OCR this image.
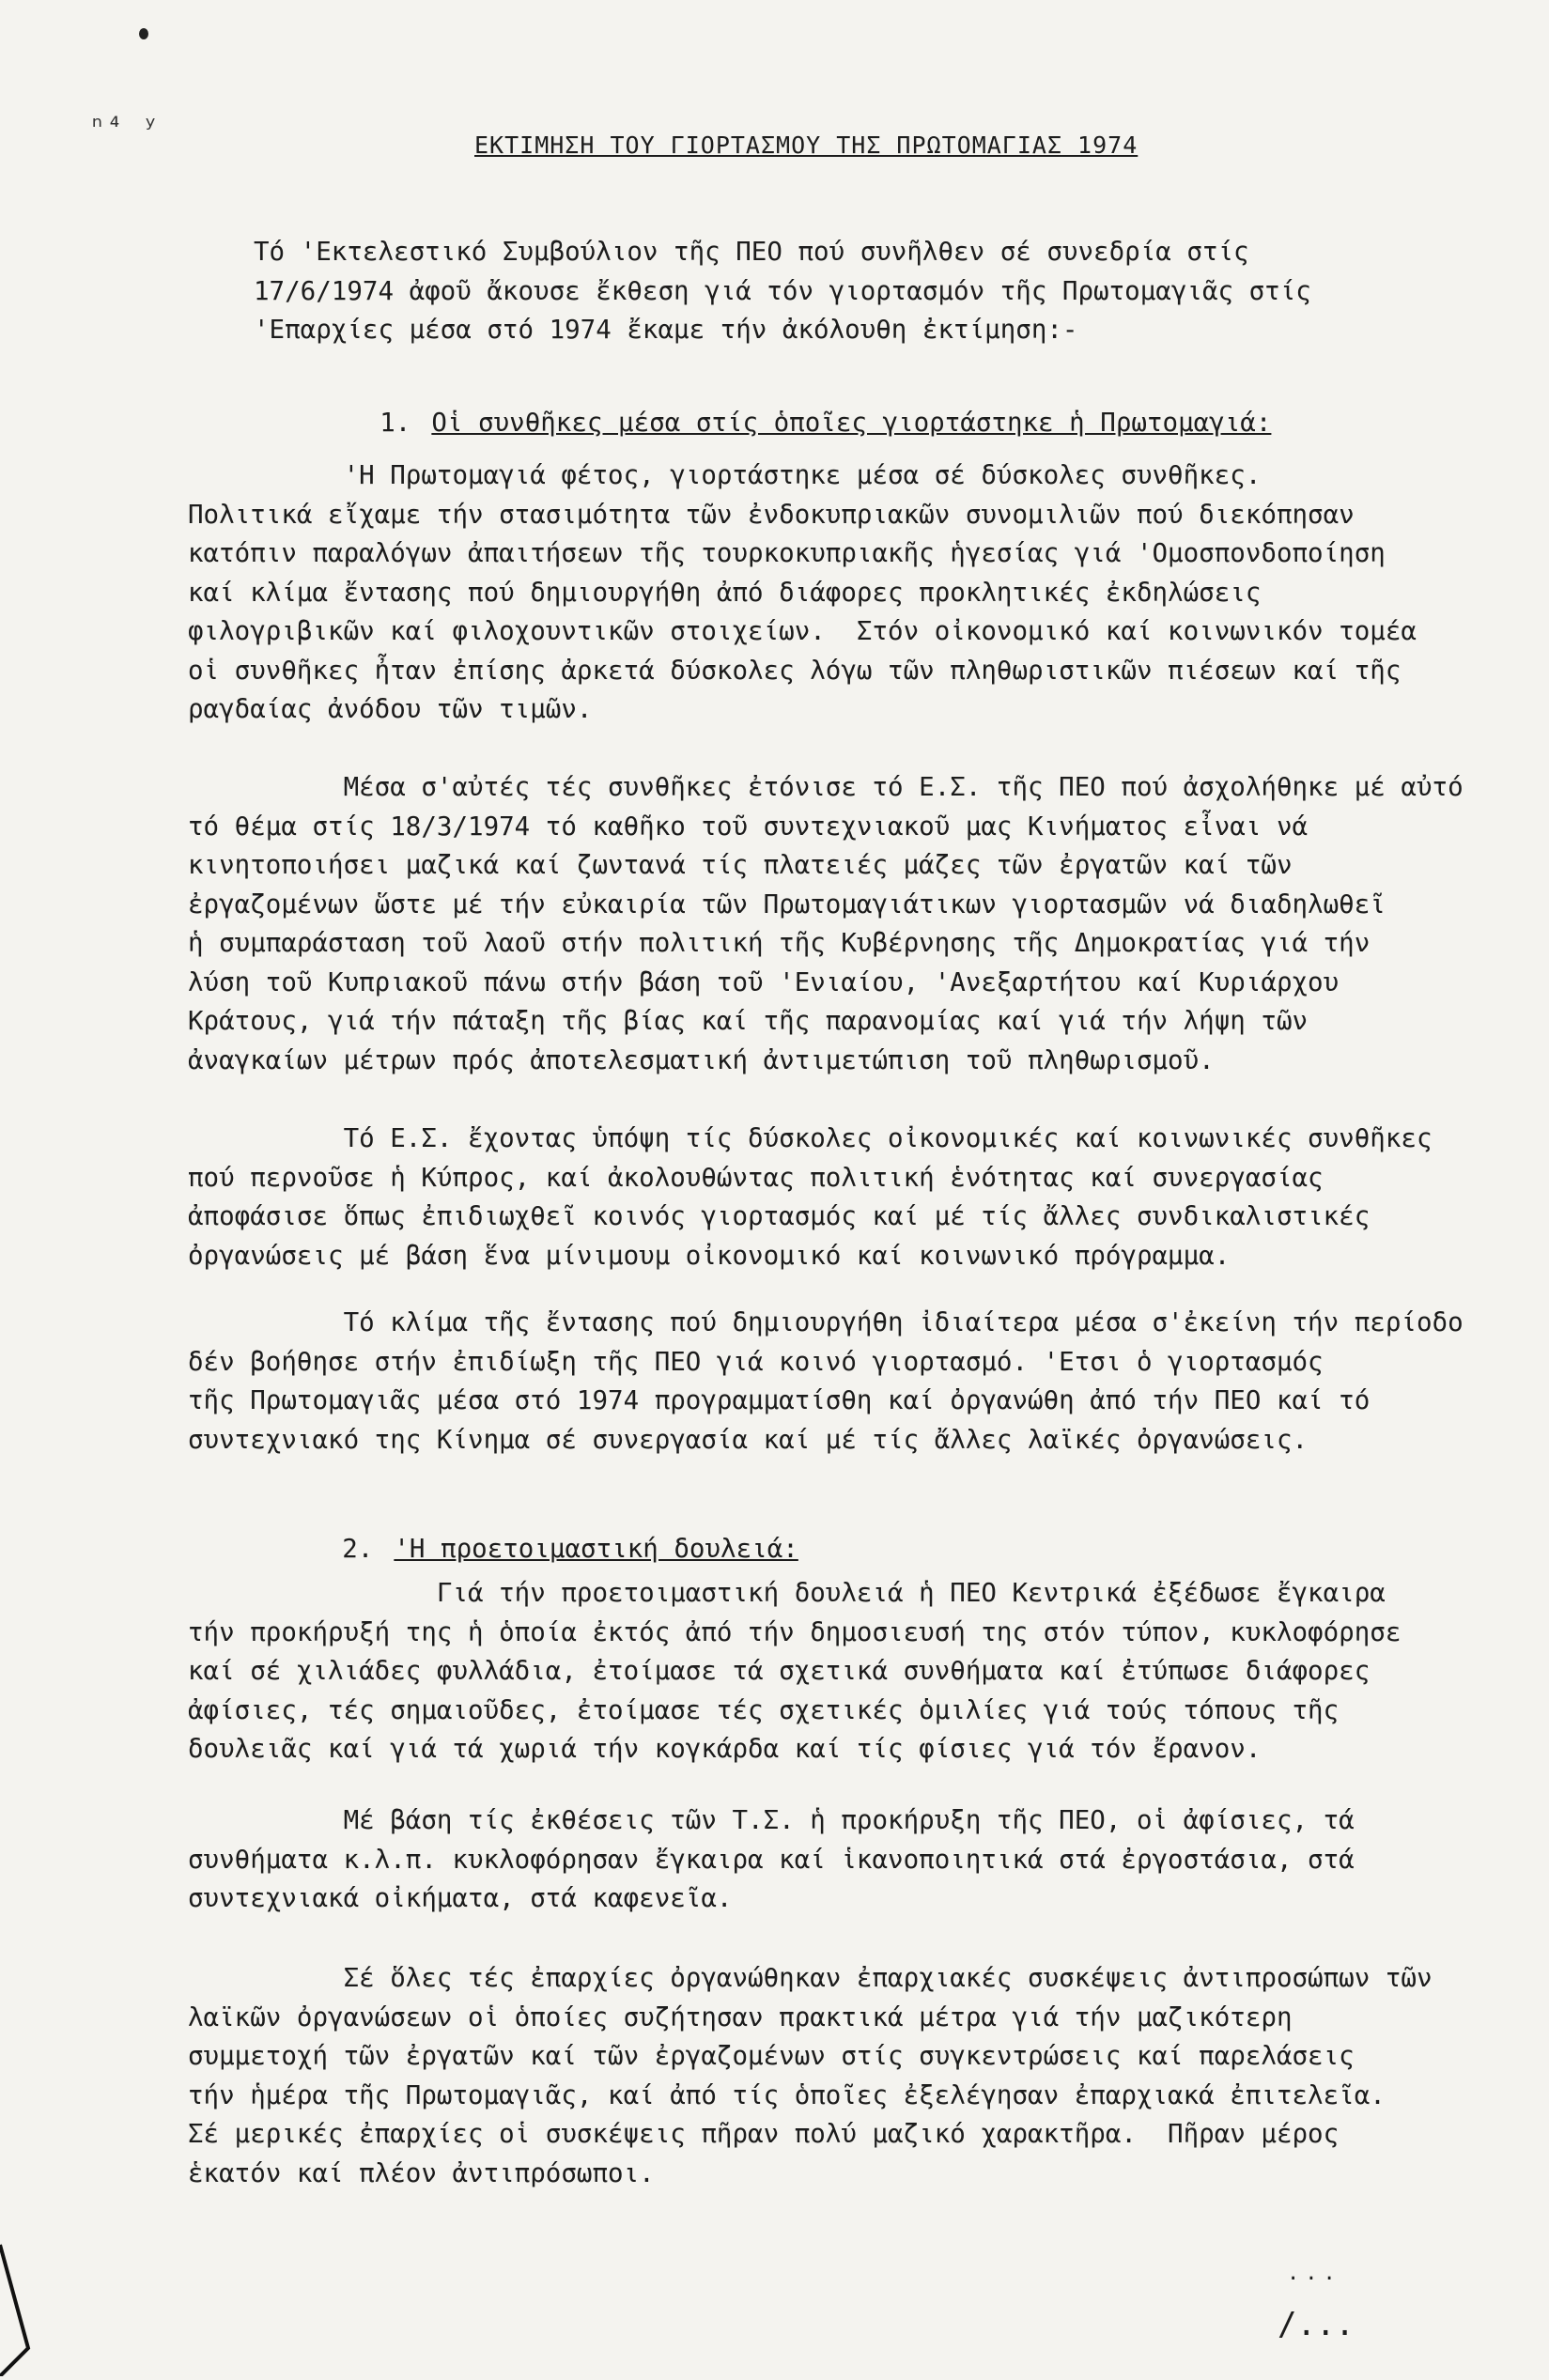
ⁿ⁴ ʸ
ΕΚΤΙΜΗΣΗ ΤΟΥ ΓΙΟΡΤΑΣΜΟΥ ΤΗΣ ΠΡΩΤΟΜΑΓΙΑΣ 1974
Τό 'Εκτελεστικό Συμβούλιον τῆς ΠΕΟ πού συνῆλθεν σέ συνεδρία στίς
17/6/1974 ἀφοῦ ἄκουσε ἔκθεση γιά τόν γιορτασμόν τῆς Πρωτομαγιᾶς στίς
'Επαρχίες μέσα στό 1974 ἔκαμε τήν ἀκόλουθη ἐκτίμηση:-

1. Οἱ συνθῆκες μέσα στίς ὁποῖες γιορτάστηκε ἡ Πρωτομαγιά:

'Η Πρωτομαγιά φέτος, γιορτάστηκε μέσα σέ δύσκολες συνθῆκες.
Πολιτικά εἴχαμε τήν στασιμότητα τῶν ἐνδοκυπριακῶν συνομιλιῶν πού διεκόπησαν
κατόπιν παραλόγων ἀπαιτήσεων τῆς τουρκοκυπριακῆς ἡγεσίας γιά 'Ομοσπονδοποίηση
καί κλίμα ἔντασης πού δημιουργήθη ἀπό διάφορες προκλητικές ἐκδηλώσεις
φιλογριβικῶν καί φιλοχουντικῶν στοιχείων.  Στόν οἰκονομικό καί κοινωνικόν τομέα
οἱ συνθῆκες ἦταν ἐπίσης ἀρκετά δύσκολες λόγω τῶν πληθωριστικῶν πιέσεων καί τῆς
ραγδαίας ἀνόδου τῶν τιμῶν.
Μέσα σ'αὐτές τές συνθῆκες ἐτόνισε τό Ε.Σ. τῆς ΠΕΟ πού ἀσχολήθηκε μέ αὐτό
τό θέμα στίς 18/3/1974 τό καθῆκο τοῦ συντεχνιακοῦ μας Κινήματος εἶναι νά
κινητοποιήσει μαζικά καί ζωντανά τίς πλατειές μάζες τῶν ἐργατῶν καί τῶν
ἐργαζομένων ὥστε μέ τήν εὐκαιρία τῶν Πρωτομαγιάτικων γιορτασμῶν νά διαδηλωθεῖ
ἡ συμπαράσταση τοῦ λαοῦ στήν πολιτική τῆς Κυβέρνησης τῆς Δημοκρατίας γιά τήν
λύση τοῦ Κυπριακοῦ πάνω στήν βάση τοῦ 'Ενιαίου, 'Ανεξαρτήτου καί Κυριάρχου
Κράτους, γιά τήν πάταξη τῆς βίας καί τῆς παρανομίας καί γιά τήν λήψη τῶν
ἀναγκαίων μέτρων πρός ἀποτελεσματική ἀντιμετώπιση τοῦ πληθωρισμοῦ.
Τό Ε.Σ. ἔχοντας ὑπόψη τίς δύσκολες οἰκονομικές καί κοινωνικές συνθῆκες
πού περνοῦσε ἡ Κύπρος, καί ἀκολουθώντας πολιτική ἑνότητας καί συνεργασίας
ἀποφάσισε ὅπως ἐπιδιωχθεῖ κοινός γιορτασμός καί μέ τίς ἄλλες συνδικαλιστικές
ὀργανώσεις μέ βάση ἕνα μίνιμουμ οἰκονομικό καί κοινωνικό πρόγραμμα.
Τό κλίμα τῆς ἔντασης πού δημιουργήθη ἰδιαίτερα μέσα σ'ἐκείνη τήν περίοδο
δέν βοήθησε στήν ἐπιδίωξη τῆς ΠΕΟ γιά κοινό γιορτασμό. 'Ετσι ὁ γιορτασμός
τῆς Πρωτομαγιᾶς μέσα στό 1974 προγραμματίσθη καί ὀργανώθη ἀπό τήν ΠΕΟ καί τό
συντεχνιακό της Κίνημα σέ συνεργασία καί μέ τίς ἄλλες λαϊκές ὀργανώσεις.

2. 'Η προετοιμαστική δουλειά:

Γιά τήν προετοιμαστική δουλειά ἡ ΠΕΟ Κεντρικά ἐξέδωσε ἔγκαιρα
τήν προκήρυξή της ἡ ὁποία ἐκτός ἀπό τήν δημοσιευσή της στόν τύπον, κυκλοφόρησε
καί σέ χιλιάδες φυλλάδια, ἐτοίμασε τά σχετικά συνθήματα καί ἐτύπωσε διάφορες
ἀφίσιες, τές σημαιοῦδες, ἐτοίμασε τές σχετικές ὁμιλίες γιά τούς τόπους τῆς
δουλειᾶς καί γιά τά χωριά τήν κογκάρδα καί τίς φίσιες γιά τόν ἔρανον.
Μέ βάση τίς ἐκθέσεις τῶν Τ.Σ. ἡ προκήρυξη τῆς ΠΕΟ, οἱ ἀφίσιες, τά
συνθήματα κ.λ.π. κυκλοφόρησαν ἔγκαιρα καί ἱκανοποιητικά στά ἐργοστάσια, στά
συντεχνιακά οἰκήματα, στά καφενεῖα.
Σέ ὅλες τές ἐπαρχίες ὀργανώθηκαν ἐπαρχιακές συσκέψεις ἀντιπροσώπων τῶν
λαϊκῶν ὀργανώσεων οἱ ὁποίες συζήτησαν πρακτικά μέτρα γιά τήν μαζικότερη
συμμετοχή τῶν ἐργατῶν καί τῶν ἐργαζομένων στίς συγκεντρώσεις καί παρελάσεις
τήν ἡμέρα τῆς Πρωτομαγιᾶς, καί ἀπό τίς ὁποῖες ἐξελέγησαν ἐπαρχιακά ἐπιτελεῖα.
Σέ μερικές ἐπαρχίες οἱ συσκέψεις πῆραν πολύ μαζικό χαρακτῆρα.  Πῆραν μέρος
ἑκατόν καί πλέον ἀντιπρόσωποι.
...
/...
